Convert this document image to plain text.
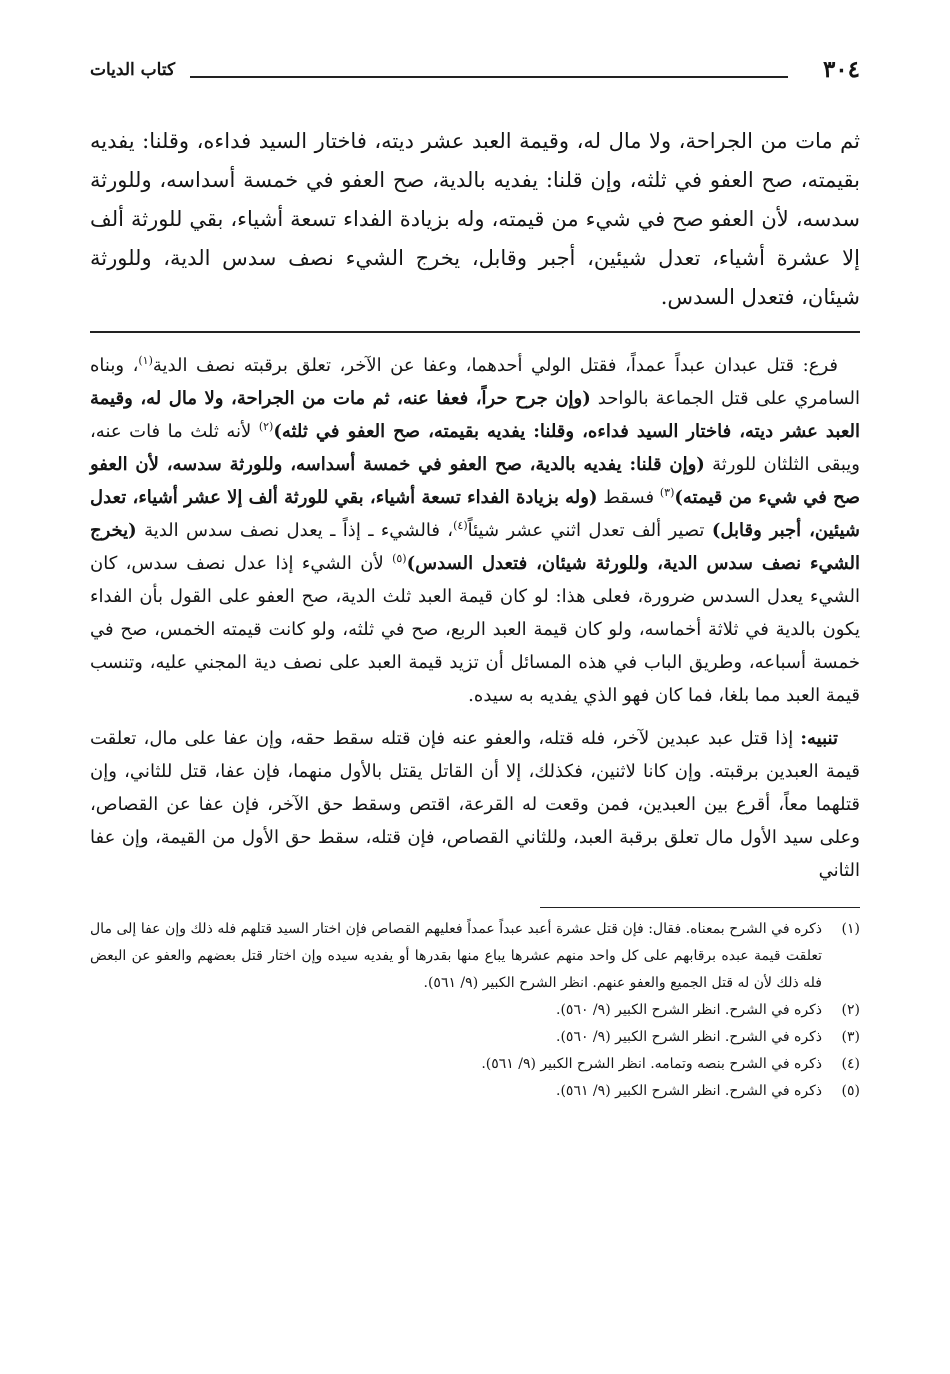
٣٠٤
كتاب الديات
ثم مات من الجراحة، ولا مال له، وقيمة العبد عشر ديته، فاختار السيد فداءه، وقلنا: يفديه بقيمته، صح العفو في ثلثه، وإن قلنا: يفديه بالدية، صح العفو في خمسة أسداسه، وللورثة سدسه، لأن العفو صح في شيء من قيمته، وله بزيادة الفداء تسعة أشياء، بقي للورثة ألف إلا عشرة أشياء، تعدل شيئين، أجبر وقابل، يخرج الشيء نصف سدس الدية، وللورثة شيئان، فتعدل السدس.

فرع: قتل عبدان عبداً عمداً، فقتل الولي أحدهما، وعفا عن الآخر، تعلق برقبته نصف الدية$^{(١)}$، وبناه السامري على قتل الجماعة بالواحد (وإن جرح حراً، فعفا عنه، ثم مات من الجراحة، ولا مال له، وقيمة العبد عشر ديته، فاختار السيد فداءه، وقلنا: يفديه بقيمته، صح العفو في ثلثه)$^{(٢)}$ لأنه ثلث ما فات عنه، ويبقى الثلثان للورثة (وإن قلنا: يفديه بالدية، صح العفو في خمسة أسداسه، وللورثة سدسه، لأن العفو صح في شيء من قيمته)$^{(٣)}$ فسقط (وله بزيادة الفداء تسعة أشياء، بقي للورثة ألف إلا عشر أشياء، تعدل شيئين، أجبر وقابل) تصير ألف تعدل اثني عشر شيئاً$^{(٤)}$، فالشيء ـ إذاً ـ يعدل نصف سدس الدية (يخرج الشيء نصف سدس الدية، وللورثة شيئان، فتعدل السدس)$^{(٥)}$ لأن الشيء إذا عدل نصف سدس، كان الشيء يعدل السدس ضرورة، فعلى هذا: لو كان قيمة العبد ثلث الدية، صح العفو على القول بأن الفداء يكون بالدية في ثلاثة أخماسه، ولو كان قيمة العبد الربع، صح في ثلثه، ولو كانت قيمته الخمس، صح في خمسة أسباعه، وطريق الباب في هذه المسائل أن تزيد قيمة العبد على نصف دية المجني عليه، وتنسب قيمة العبد مما بلغا، فما كان فهو الذي يفديه به سيده.

تنبيه: إذا قتل عبد عبدين لآخر، فله قتله، والعفو عنه فإن قتله سقط حقه، وإن عفا على مال، تعلقت قيمة العبدين برقبته. وإن كانا لاثنين، فكذلك، إلا أن القاتل يقتل بالأول منهما، فإن عفا، قتل للثاني، وإن قتلهما معاً، أقرع بين العبدين، فمن وقعت له القرعة، اقتص وسقط حق الآخر، فإن عفا عن القصاص، وعلى سيد الأول مال تعلق برقبة العبد، وللثاني القصاص، فإن قتله، سقط حق الأول من القيمة، وإن عفا الثاني

(١)
ذكره في الشرح بمعناه. فقال: فإن قتل عشرة أعبد عبداً عمداً فعليهم القصاص فإن اختار السيد قتلهم فله ذلك وإن عفا إلى مال تعلقت قيمة عبده برقابهم على كل واحد منهم عشرها يباع منها بقدرها أو يفديه سيده وإن اختار قتل بعضهم والعفو عن البعض فله ذلك لأن له قتل الجميع والعفو عنهم. انظر الشرح الكبير (٩/ ٥٦١).
(٢)
ذكره في الشرح. انظر الشرح الكبير (٩/ ٥٦٠).
(٣)
ذكره في الشرح. انظر الشرح الكبير (٩/ ٥٦٠).
(٤)
ذكره في الشرح بنصه وتمامه. انظر الشرح الكبير (٩/ ٥٦١).
(٥)
ذكره في الشرح. انظر الشرح الكبير (٩/ ٥٦١).
